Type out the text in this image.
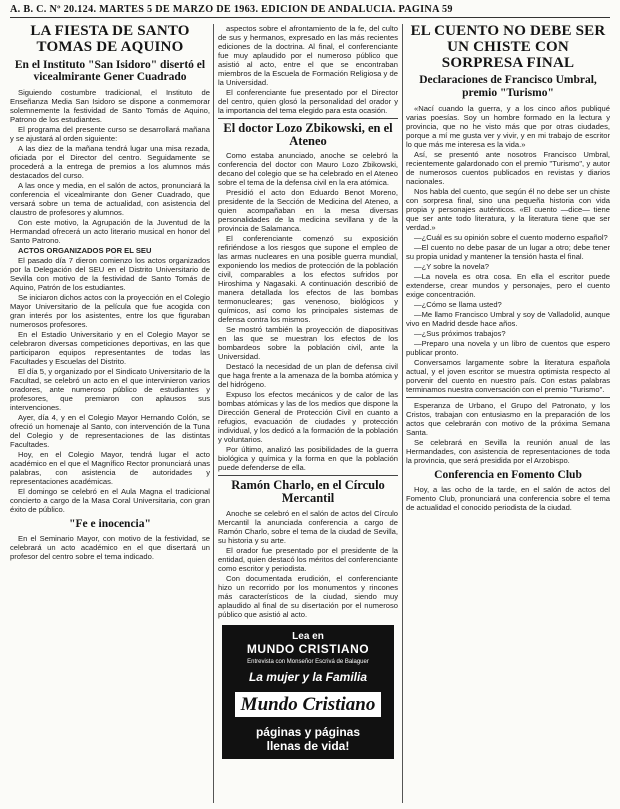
A. B. C. Nº 20.124. MARTES 5 DE MARZO DE 1963. EDICION DE ANDALUCIA. PAGINA 59
LA FIESTA DE SANTO TOMAS DE AQUINO
En el Instituto "San Isidoro" disertó el vicealmirante Gener Cuadrado

Siguiendo costumbre tradicional, el Instituto de Enseñanza Media San Isidoro se dispone a conmemorar solemnemente la festividad de Santo Tomás de Aquino, Patrono de los estudiantes.

El programa del presente curso se desarrollará mañana y se ajustará al orden siguiente:

A las diez de la mañana tendrá lugar una misa rezada, oficiada por el Director del centro. Seguidamente se procederá a la entrega de premios a los alumnos más destacados del curso.

A las once y media, en el salón de actos, pronunciará la conferencia el vicealmirante don Gener Cuadrado, que versará sobre un tema de actualidad, con asistencia del claustro de profesores y alumnos.

Con este motivo, la Agrupación de la Juventud de la Hermandad ofrecerá un acto literario musical en honor del Santo Patrono.

ACTOS ORGANIZADOS POR EL SEU

El pasado día 7 dieron comienzo los actos organizados por la Delegación del SEU en el Distrito Universitario de Sevilla con motivo de la festividad de Santo Tomás de Aquino, Patrón de los estudiantes.

Se iniciaron dichos actos con la proyección en el Colegio Mayor Universitario de la película que fue acogida con gran interés por los asistentes, entre los que figuraban numerosos profesores.

En el Estadio Universitario y en el Colegio Mayor se celebraron diversas competiciones deportivas, en las que participaron equipos representantes de todas las Facultades y Escuelas del Distrito.

El día 5, y organizado por el Sindicato Universitario de la Facultad, se celebró un acto en el que intervinieron varios oradores, ante numeroso público de estudiantes y profesores, que premiaron con aplausos sus intervenciones.

Ayer, día 4, y en el Colegio Mayor Hernando Colón, se ofreció un homenaje al Santo, con intervención de la Tuna del Colegio y de representaciones de las distintas Facultades.

Hoy, en el Colegio Mayor, tendrá lugar el acto académico en el que el Magnífico Rector pronunciará unas palabras, con asistencia de autoridades y representaciones académicas.

El domingo se celebró en el Aula Magna el tradicional concierto a cargo de la Masa Coral Universitaria, con gran éxito de público.

"Fe e inocencia"

En el Seminario Mayor, con motivo de la festividad, se celebrará un acto académico en el que disertará un profesor del centro sobre el tema indicado.

aspectos sobre el afrontamiento de la fe, del culto de sus y hermanos, expresado en las más recientes ediciones de la doctrina. Al final, el conferenciante fue muy aplaudido por el numeroso público que asistió al acto, entre el que se encontraban miembros de la Escuela de Formación Religiosa y de la Universidad.

El conferenciante fue presentado por el Director del centro, quien glosó la personalidad del orador y la importancia del tema elegido para esta ocasión.

El doctor Lozo Zbikowski, en el Ateneo

Como estaba anunciado, anoche se celebró la conferencia del doctor con Mauro Lozo Zbikowski, decano del colegio que se ha celebrado en el Ateneo sobre el tema de la defensa civil en la era atómica.

Presidió el acto don Eduardo Benot Moreno, presidente de la Sección de Medicina del Ateneo, a quien acompañaban en la mesa diversas personalidades de la medicina sevillana y de la provincia de Salamanca.

El conferenciante comenzó su exposición refiriéndose a los riesgos que supone el empleo de las armas nucleares en una posible guerra mundial, exponiendo los medios de protección de la población civil, comparables a los efectos sufridos por Hiroshima y Nagasaki. A continuación describió de manera detallada los efectos de las bombas termonucleares; gas venenoso, biológicos y químicos, así como los principales sistemas de defensa contra los mismos.

Se mostró también la proyección de diapositivas en las que se muestran los efectos de los bombardeos sobre la población civil, ante la Universidad.

Destacó la necesidad de un plan de defensa civil que haga frente a la amenaza de la bomba atómica y del hidrógeno.

Expuso los efectos mecánicos y de calor de las bombas atómicas y las de los medios que dispone la Dirección General de Protección Civil en cuanto a refugios, evacuación de ciudades y protección individual, y los dedicó a la formación de la población y voluntarios.

Por último, analizó las posibilidades de la guerra biológica y química y la forma en que la población puede defenderse de ella.

Ramón Charlo, en el Círculo Mercantil

Anoche se celebró en el salón de actos del Círculo Mercantil la anunciada conferencia a cargo de Ramón Charlo, sobre el tema de la ciudad de Sevilla, su historia y su arte.

El orador fue presentado por el presidente de la entidad, quien destacó los méritos del conferenciante como escritor y periodista.

Con documentada erudición, el conferenciante hizo un recorrido por los monumentos y rincones más característicos de la ciudad, siendo muy aplaudido al final de su disertación por el numeroso público que asistió al acto.

Lea en
MUNDO CRISTIANO
Entrevista con Monseñor Escrivá de Balaguer
La mujer y la Familia
Mundo Cristiano
páginas y páginas
llenas de vida!
EL CUENTO NO DEBE SER UN CHISTE CON SORPRESA FINAL
Declaraciones de Francisco Umbral, premio "Turismo"

«Nací cuando la guerra, y a los cinco años publiqué varias poesías. Soy un hombre formado en la lectura y provincia, que no he visto más que por otras ciudades, porque a mí me gusta ver y vivir, y en mi trabajo de escritor lo que más me interesa es la vida.»

Así, se presentó ante nosotros Francisco Umbral, recientemente galardonado con el premio "Turismo", y autor de numerosos cuentos publicados en revistas y diarios nacionales.

Nos habla del cuento, que según él no debe ser un chiste con sorpresa final, sino una pequeña historia con vida propia y personajes auténticos. «El cuento —dice— tiene que ser ante todo literatura, y la literatura tiene que ser verdad.»

—¿Cuál es su opinión sobre el cuento moderno español?

—El cuento no debe pasar de un lugar a otro; debe tener su propia unidad y mantener la tensión hasta el final.

—¿Y sobre la novela?

—La novela es otra cosa. En ella el escritor puede extenderse, crear mundos y personajes, pero el cuento exige concentración.

—¿Cómo se llama usted?

—Me llamo Francisco Umbral y soy de Valladolid, aunque vivo en Madrid desde hace años.

—¿Sus próximos trabajos?

—Preparo una novela y un libro de cuentos que espero publicar pronto.

Conversamos largamente sobre la literatura española actual, y el joven escritor se muestra optimista respecto al porvenir del cuento en nuestro país. Con estas palabras terminamos nuestra conversación con el premio "Turismo".

Esperanza de Urbano, el Grupo del Patronato, y los Cristos, trabajan con entusiasmo en la preparación de los actos que celebrarán con motivo de la próxima Semana Santa.

Se celebrará en Sevilla la reunión anual de las Hermandades, con asistencia de representaciones de toda la provincia, que será presidida por el Arzobispo.

Conferencia en Fomento Club

Hoy, a las ocho de la tarde, en el salón de actos del Fomento Club, pronunciará una conferencia sobre el tema de actualidad el conocido periodista de la ciudad.
